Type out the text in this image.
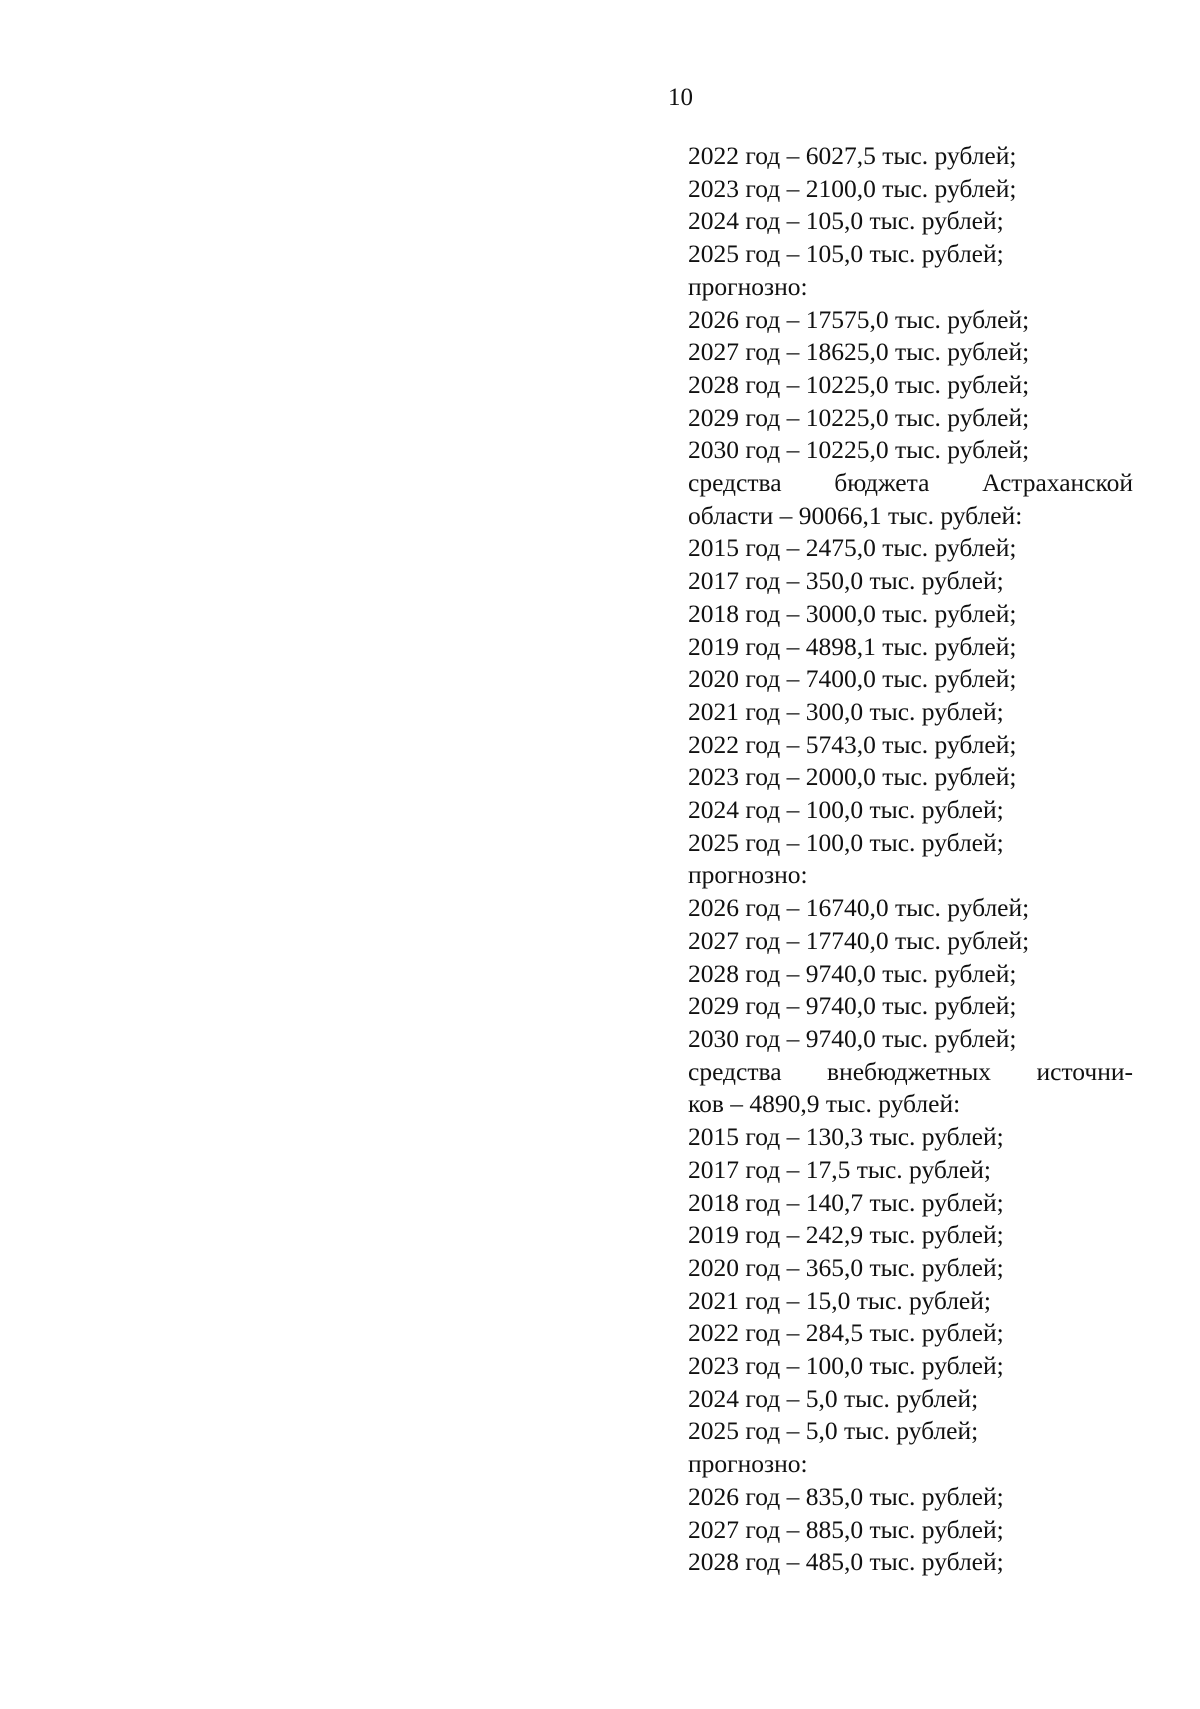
10
2022 год – 6027,5 тыс. рублей;
2023 год – 2100,0 тыс. рублей;
2024 год – 105,0 тыс. рублей;
2025 год – 105,0 тыс. рублей;
прогнозно:
2026 год – 17575,0 тыс. рублей;
2027 год – 18625,0 тыс. рублей;
2028 год – 10225,0 тыс. рублей;
2029 год – 10225,0 тыс. рублей;
2030 год – 10225,0 тыс. рублей;
средства бюджета Астраханской
области – 90066,1 тыс. рублей:
2015 год – 2475,0 тыс. рублей;
2017 год – 350,0 тыс. рублей;
2018 год – 3000,0 тыс. рублей;
2019 год – 4898,1 тыс. рублей;
2020 год – 7400,0 тыс. рублей;
2021 год – 300,0 тыс. рублей;
2022 год – 5743,0 тыс. рублей;
2023 год – 2000,0 тыс. рублей;
2024 год – 100,0 тыс. рублей;
2025 год – 100,0 тыс. рублей;
прогнозно:
2026 год – 16740,0 тыс. рублей;
2027 год – 17740,0 тыс. рублей;
2028 год – 9740,0 тыс. рублей;
2029 год – 9740,0 тыс. рублей;
2030 год – 9740,0 тыс. рублей;
средства внебюджетных источни-
ков – 4890,9 тыс. рублей:
2015 год – 130,3 тыс. рублей;
2017 год – 17,5 тыс. рублей;
2018 год – 140,7 тыс. рублей;
2019 год – 242,9 тыс. рублей;
2020 год – 365,0 тыс. рублей;
2021 год – 15,0 тыс. рублей;
2022 год – 284,5 тыс. рублей;
2023 год – 100,0 тыс. рублей;
2024 год – 5,0 тыс. рублей;
2025 год – 5,0 тыс. рублей;
прогнозно:
2026 год – 835,0 тыс. рублей;
2027 год – 885,0 тыс. рублей;
2028 год – 485,0 тыс. рублей;
